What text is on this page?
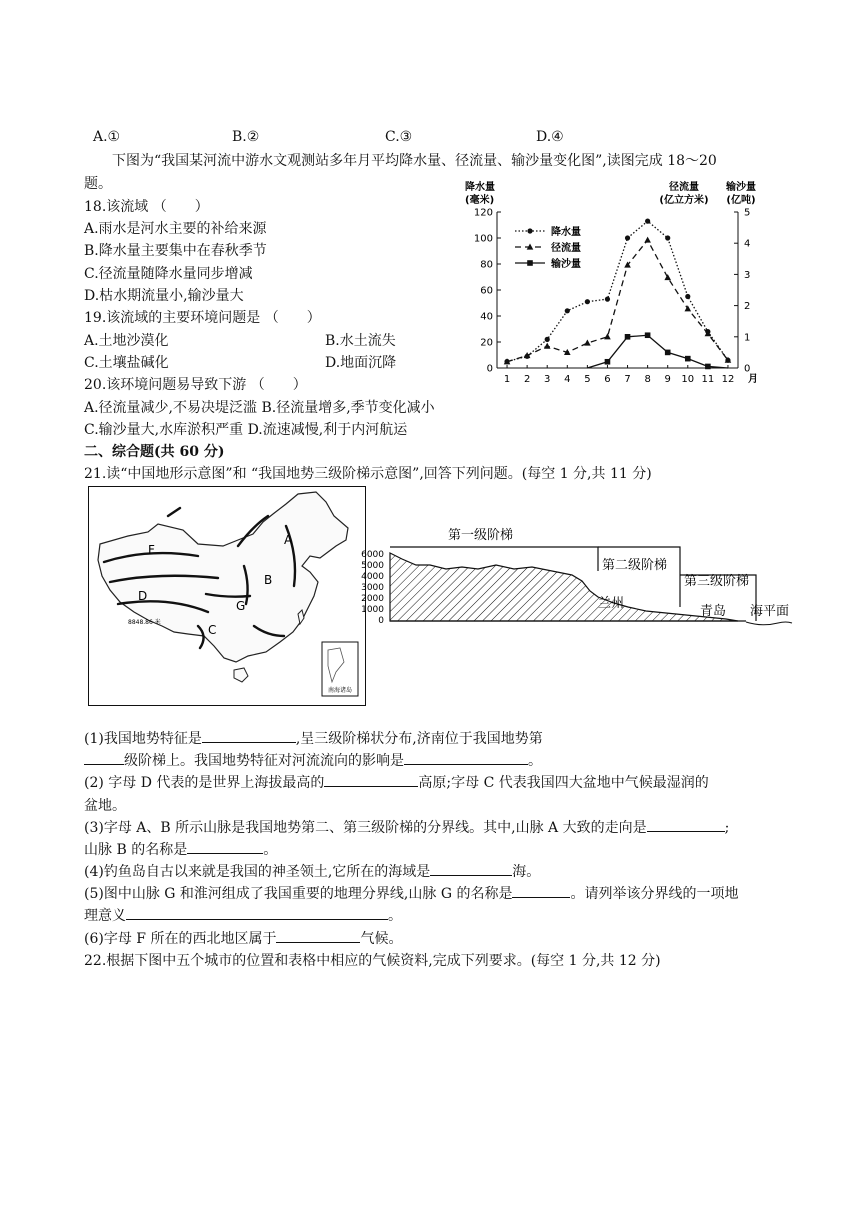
A.①	B.②	C.③	D.④
下图为“我国某河流中游水文观测站多年月平均降水量、径流量、输沙量变化图”,读图完成 18～20
题。
18.该流域 （　　）
A.雨水是河水主要的补给来源
B.降水量主要集中在春秋季节
C.径流量随降水量同步增减
D.枯水期流量小,输沙量大
19.该流域的主要环境问题是 （　　）
A.土地沙漠化	B.水土流失
C.土壤盐碱化	D.地面沉降
20.该环境问题易导致下游 （　　）
A.径流量减少,不易决堤泛滥 B.径流量增多,季节变化减小
C.输沙量大,水库淤积严重 D.流速减慢,利于内河航运
二、综合题(共 60 分)
21.读“中国地形示意图”和 “我国地势三级阶梯示意图”,回答下列问题。(每空 1 分,共 11 分)
降水量
(毫米)
径流量
(亿立方米)
输沙量
(亿吨)
0
20
40
60
80
100
120
0
1
2
3
4
5
1 2 3 4 5 6 7 8 9 10 11 12 月
降水量
径流量
输沙量
A
B
C
D
F
G
8848.86 米
南海诸岛
6000
5000
4000
3000
2000
1000
0
第一级阶梯
第二级阶梯
第三级阶梯
兰州
青岛 海平面
(1)我国地势特征是	,呈三级阶梯状分布,济南位于我国地势第
级阶梯上。我国地势特征对河流流向的影响是	。
(2) 字母 D 代表的是世界上海拔最高的	高原;字母 C 代表我国四大盆地中气候最湿润的
盆地。
(3)字母 A、B 所示山脉是我国地势第二、第三级阶梯的分界线。其中,山脉 A 大致的走向是	;
山脉 B 的名称是	。
(4)钓鱼岛自古以来就是我国的神圣领土,它所在的海域是	海。
(5)图中山脉 G 和淮河组成了我国重要的地理分界线,山脉 G 的名称是	。请列举该分界线的一项地
理意义	。
(6)字母 F 所在的西北地区属于	气候。
22.根据下图中五个城市的位置和表格中相应的气候资料,完成下列要求。(每空 1 分,共 12 分)
